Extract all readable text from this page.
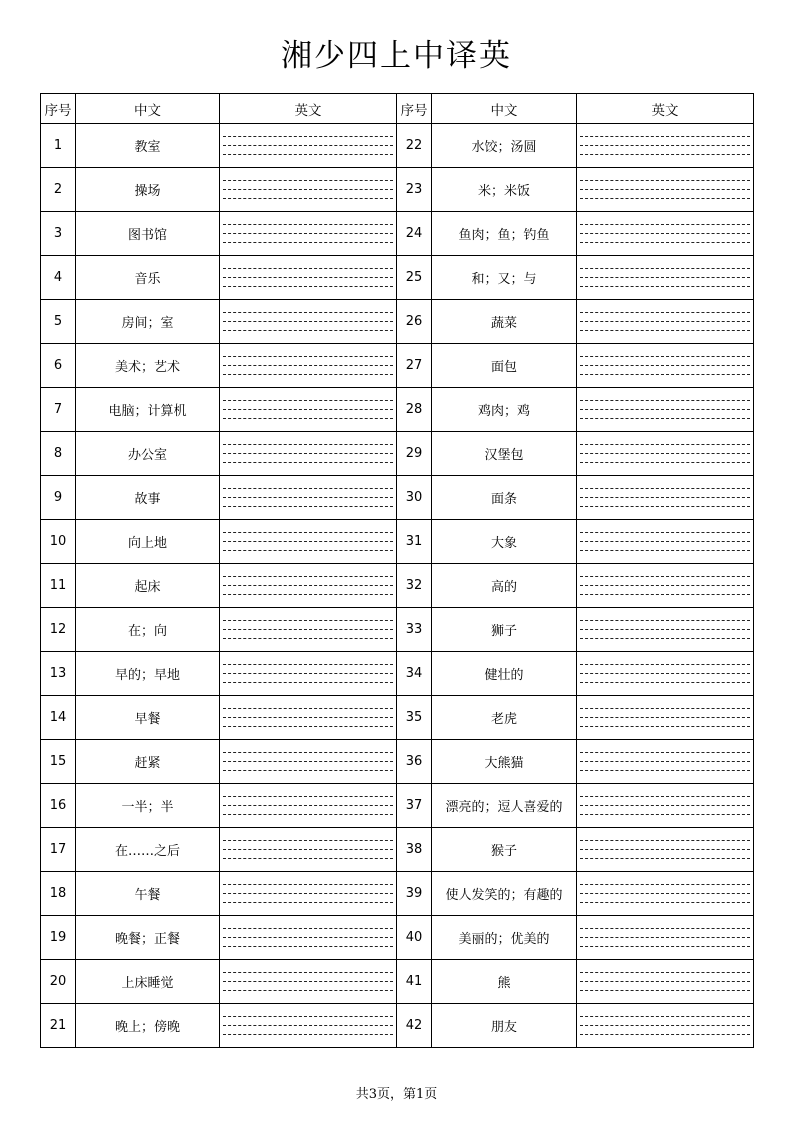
湘少四上中译英
序号	中文	英文	序号	中文	英文
1	教室		22	水饺；汤圆	

2	操场		23	米；米饭	

3	图书馆		24	鱼肉；鱼；钓鱼	

4	音乐		25	和；又；与	

5	房间；室		26	蔬菜	

6	美术；艺术		27	面包	

7	电脑；计算机		28	鸡肉；鸡	

8	办公室		29	汉堡包	

9	故事		30	面条	

10	向上地		31	大象	

11	起床		32	高的	

12	在；向		33	狮子	

13	早的；早地		34	健壮的	

14	早餐		35	老虎	

15	赶紧		36	大熊猫	

16	一半；半		37	漂亮的；逗人喜爱的	

17	在……之后		38	猴子	

18	午餐		39	使人发笑的；有趣的	

19	晚餐；正餐		40	美丽的；优美的	

20	上床睡觉		41	熊	

21	晚上；傍晚		42	朋友	
共3页，第1页
